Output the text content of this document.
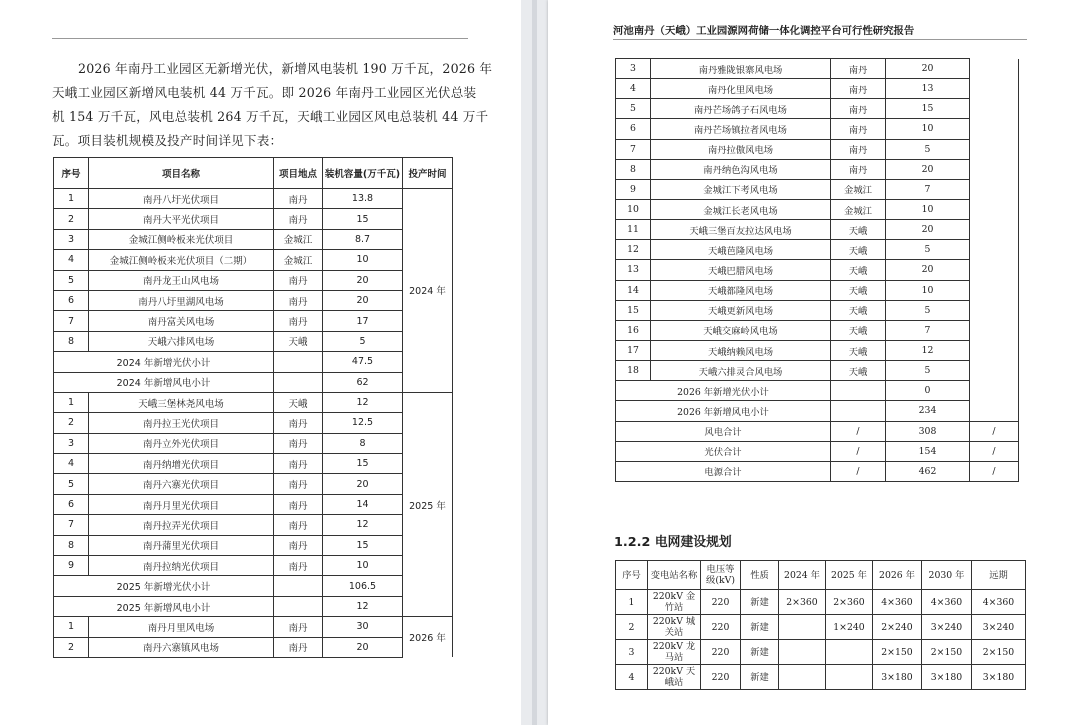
2026 年南丹工业园区无新增光伏，新增风电装机 190 万千瓦，2026 年

天峨工业园区新增风电装机 44 万千瓦。即 2026 年南丹工业园区光伏总装

机 154 万千瓦，风电总装机 264 万千瓦，天峨工业园区风电总装机 44 万千

瓦。项目装机规模及投产时间详见下表：

序号	项目名称	项目地点	装机容量(万千瓦)	投产时间
1	南丹八圩光伏项目	南丹	13.8	2024 年
2	南丹大平光伏项目	南丹	15	
3	金城江侧岭板来光伏项目	金城江	8.7	
4	金城江侧岭板来光伏项目（二期）	金城江	10	
5	南丹龙王山风电场	南丹	20	
6	南丹八圩里湖风电场	南丹	20	
7	南丹富关风电场	南丹	17	
8	天峨六排风电场	天峨	5	
2024 年新增光伏小计			47.5	
2024 年新增风电小计			62	
1	天峨三堡林尧风电场	天峨	12	2025 年
2	南丹拉王光伏项目	南丹	12.5	
3	南丹立外光伏项目	南丹	8	
4	南丹纳增光伏项目	南丹	15	
5	南丹六寨光伏项目	南丹	20	
6	南丹月里光伏项目	南丹	14	
7	南丹拉弄光伏项目	南丹	12	
8	南丹蒲里光伏项目	南丹	15	
9	南丹拉纳光伏项目	南丹	10	
2025 年新增光伏小计			106.5	
2025 年新增风电小计			12	
1	南丹月里风电场	南丹	30	2026 年
2	南丹六寨镇风电场	南丹	20	
河池南丹（天峨）工业园源网荷储一体化调控平台可行性研究报告
3	南丹雅陇银寨风电场	南丹	20	
4	南丹化里风电场	南丹	13	
5	南丹芒场鸽子石风电场	南丹	15	
6	南丹芒场镇拉者风电场	南丹	10	
7	南丹拉傲风电场	南丹	5	
8	南丹纳色沟风电场	南丹	20	
9	金城江下考风电场	金城江	7	
10	金城江长老风电场	金城江	10	
11	天峨三堡百友拉达风电场	天峨	20	
12	天峨芭隆风电场	天峨	5	
13	天峨巴腊风电场	天峨	20	
14	天峨都隆风电场	天峨	10	
15	天峨更新风电场	天峨	5	
16	天峨交麻岭风电场	天峨	7	
17	天峨纳赖风电场	天峨	12	
18	天峨六排灵合风电场	天峨	5	
2026 年新增光伏小计			0	
2026 年新增风电小计			234	
风电合计		/	308	/
光伏合计		/	154	/
电源合计		/	462	/
1.2.2 电网建设规划
序号	变电站名称	电压等级(kV)	性质	2024 年	2025 年	2026 年	2030 年	远期
1	220kV 金竹站	220	新建	2×360	2×360	4×360	4×360	4×360
2	220kV 城关站	220	新建		1×240	2×240	3×240	3×240
3	220kV 龙马站	220	新建			2×150	2×150	2×150
4	220kV 天峨站	220	新建			3×180	3×180	3×180
